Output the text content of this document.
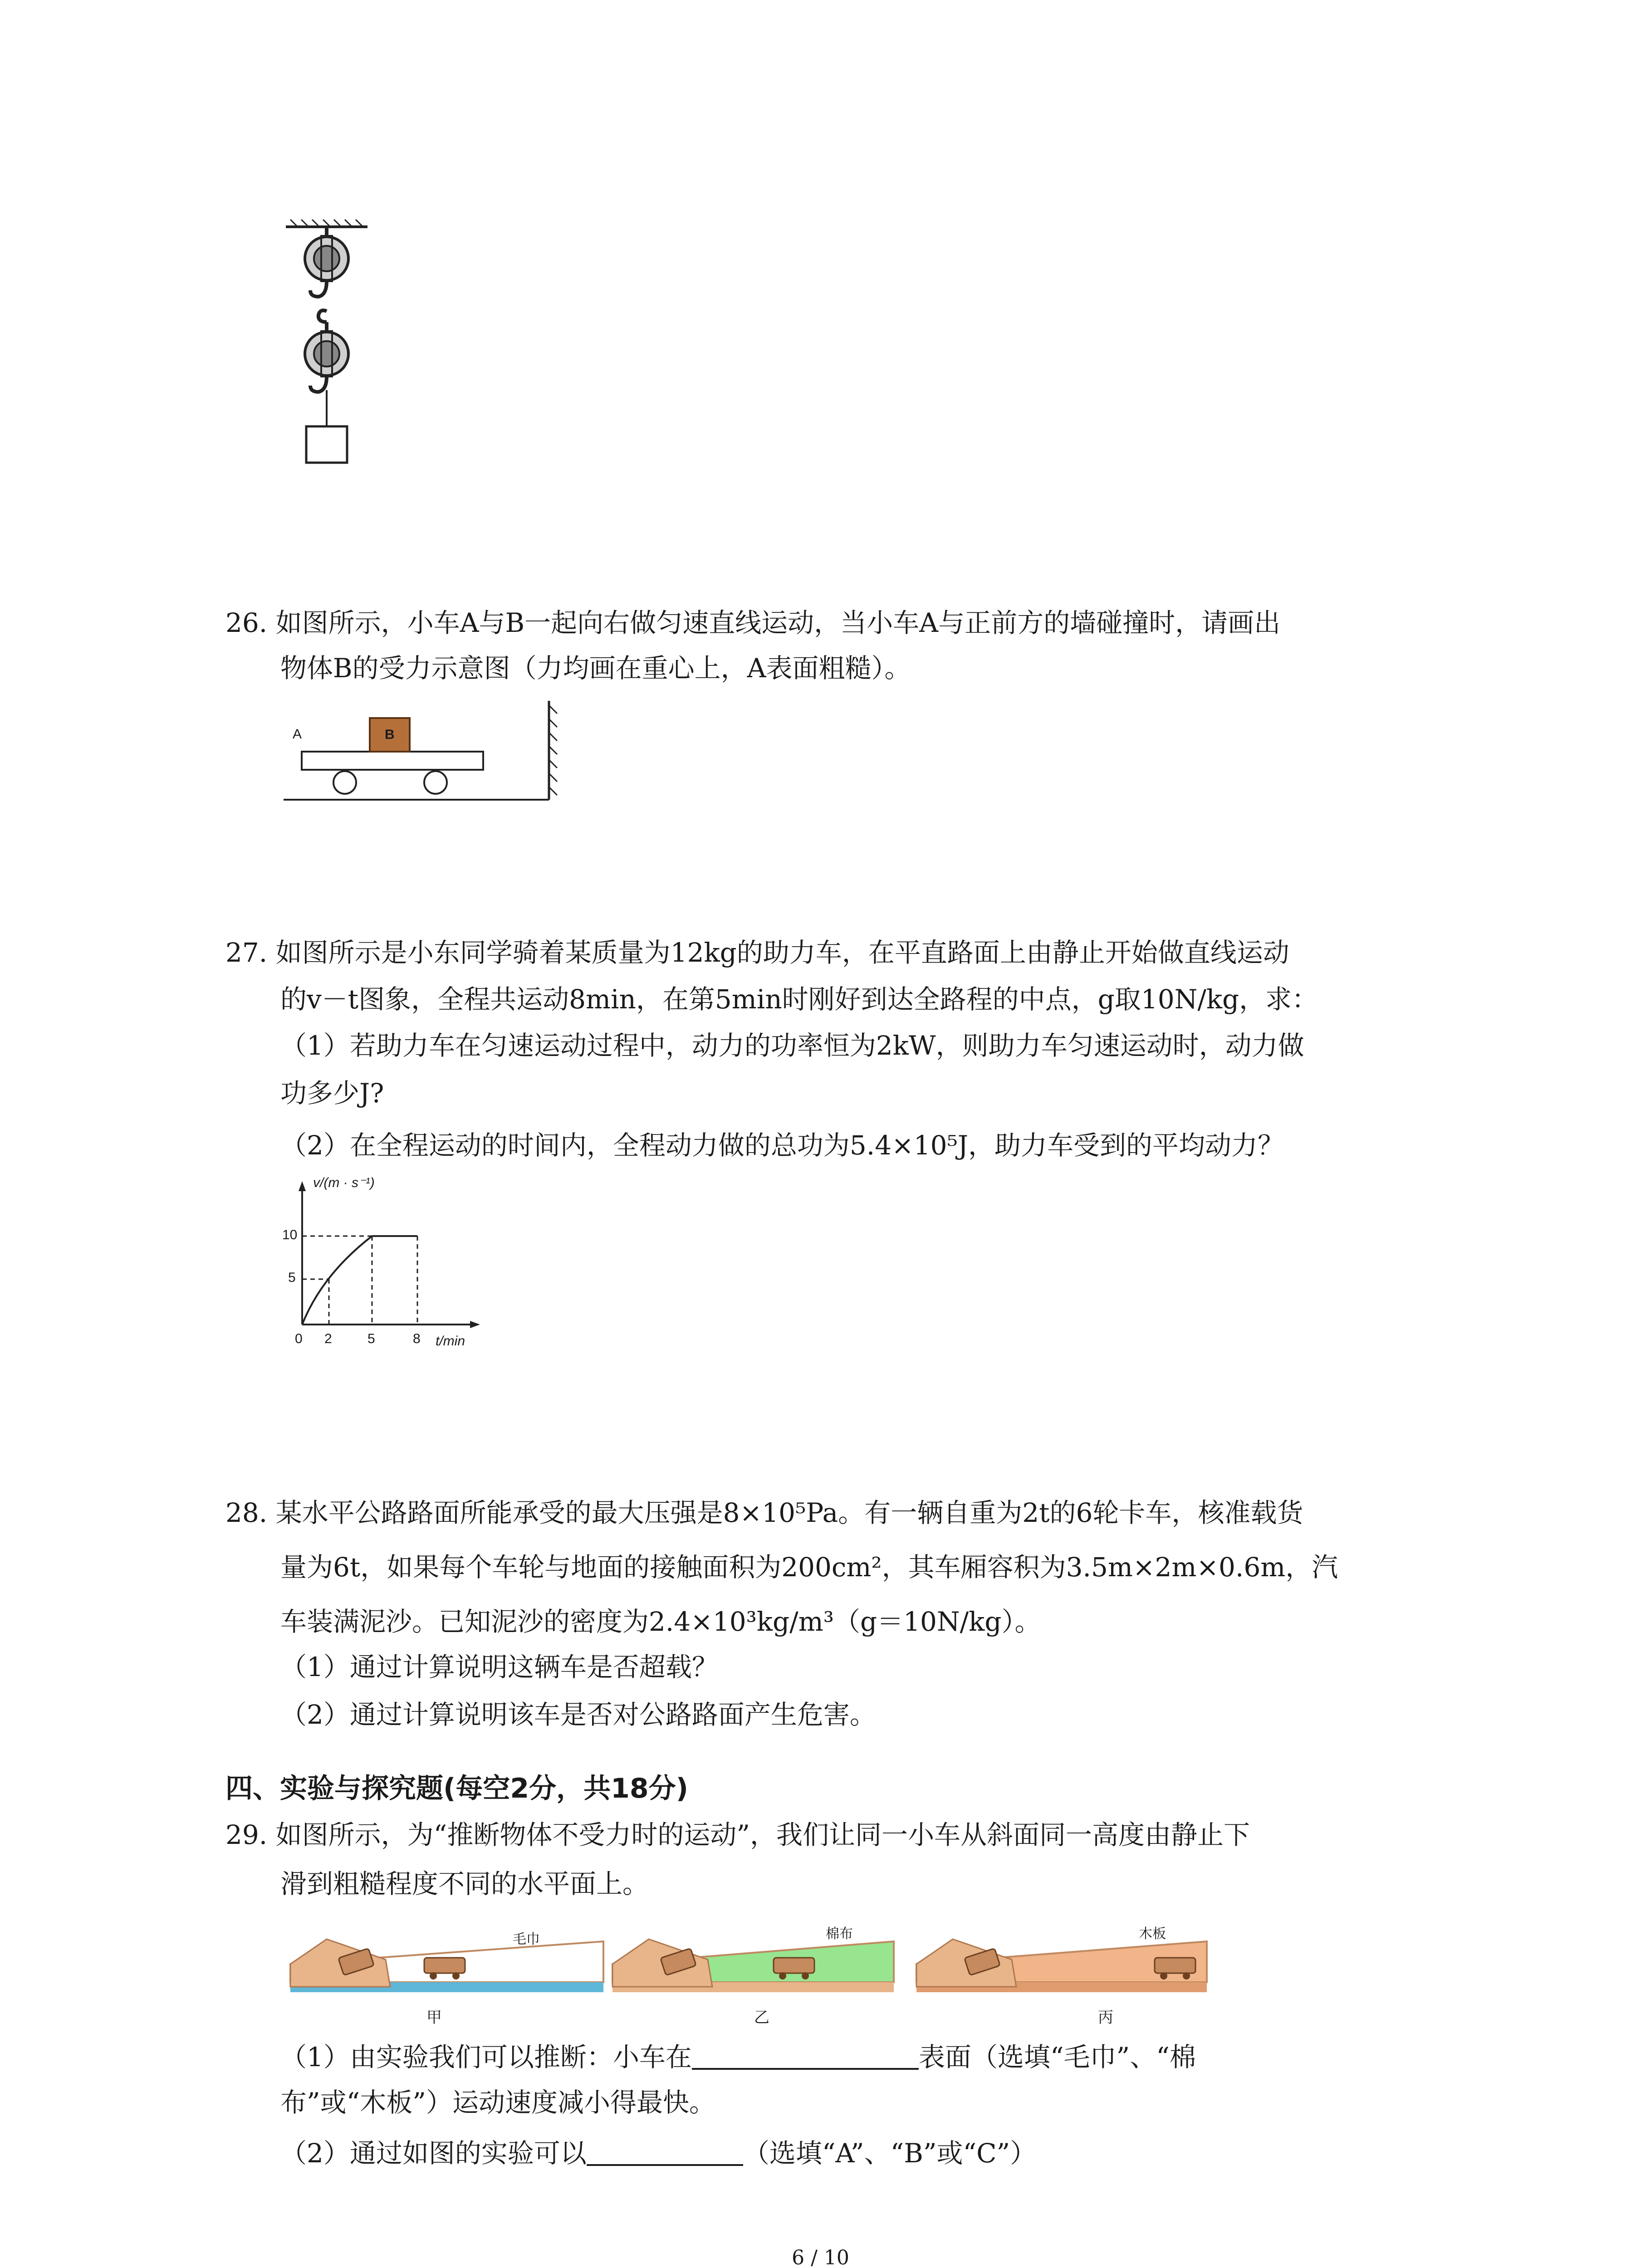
26. 如图所示，小车A与B一起向右做匀速直线运动，当小车A与正前方的墙碰撞时，请画出
物体B的受力示意图（力均画在重心上，A表面粗糙）。
A	B
27. 如图所示是小东同学骑着某质量为12kg的助力车，在平直路面上由静止开始做直线运动
的v－t图象，全程共运动8min，在第5min时刚好到达全路程的中点，g取10N/kg，求：
（1）若助力车在匀速运动过程中，动力的功率恒为2kW，则助力车匀速运动时，动力做
功多少J?
（2）在全程运动的时间内，全程动力做的总功为5.4×10⁵J，助力车受到的平均动力？
v/(m · s⁻¹)
10
5
0 2	5	8 t/min
28. 某水平公路路面所能承受的最大压强是8×10⁵Pa。有一辆自重为2t的6轮卡车，核准载货
量为6t，如果每个车轮与地面的接触面积为200cm²，其车厢容积为3.5m×2m×0.6m，汽
车装满泥沙。已知泥沙的密度为2.4×10³kg/m³（g＝10N/kg）。
（1）通过计算说明这辆车是否超载？
（2）通过计算说明该车是否对公路路面产生危害。
四、实验与探究题(每空2分，共18分)
29. 如图所示，为“推断物体不受力时的运动”，我们让同一小车从斜面同一高度由静止下
滑到粗糙程度不同的水平面上。
毛巾	棉布	木板
甲	乙	丙
（1）由实验我们可以推断：小车在	表面（选填“毛巾”、“棉
布”或“木板”）运动速度减小得最快。
（2）通过如图的实验可以	（选填“A”、“B”或“C”）
6 / 10
